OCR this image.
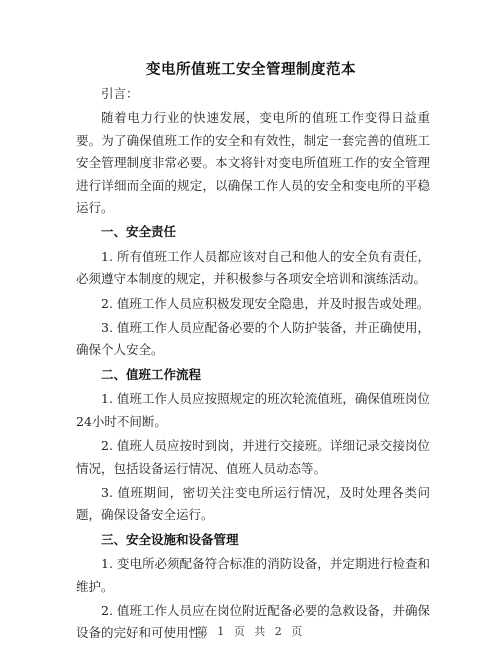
变电所值班工安全管理制度范本

引言：

随着电力行业的快速发展，变电所的值班工作变得日益重要。为了确保值班工作的安全和有效性，制定一套完善的值班工安全管理制度非常必要。本文将针对变电所值班工作的安全管理进行详细而全面的规定，以确保工作人员的安全和变电所的平稳运行。

一、安全责任

1. 所有值班工作人员都应该对自己和他人的安全负有责任，必须遵守本制度的规定，并积极参与各项安全培训和演练活动。

2. 值班工作人员应积极发现安全隐患，并及时报告或处理。

3. 值班工作人员应配备必要的个人防护装备，并正确使用，确保个人安全。

二、值班工作流程

1. 值班工作人员应按照规定的班次轮流值班，确保值班岗位24小时不间断。

2. 值班人员应按时到岗，并进行交接班。详细记录交接岗位情况，包括设备运行情况、值班人员动态等。

3. 值班期间，密切关注变电所运行情况，及时处理各类问题，确保设备安全运行。

三、安全设施和设备管理

1. 变电所必须配备符合标准的消防设备，并定期进行检查和维护。

2. 值班工作人员应在岗位附近配备必要的急救设备，并确保设备的完好和可使用性。

第 1 页 共 2 页
